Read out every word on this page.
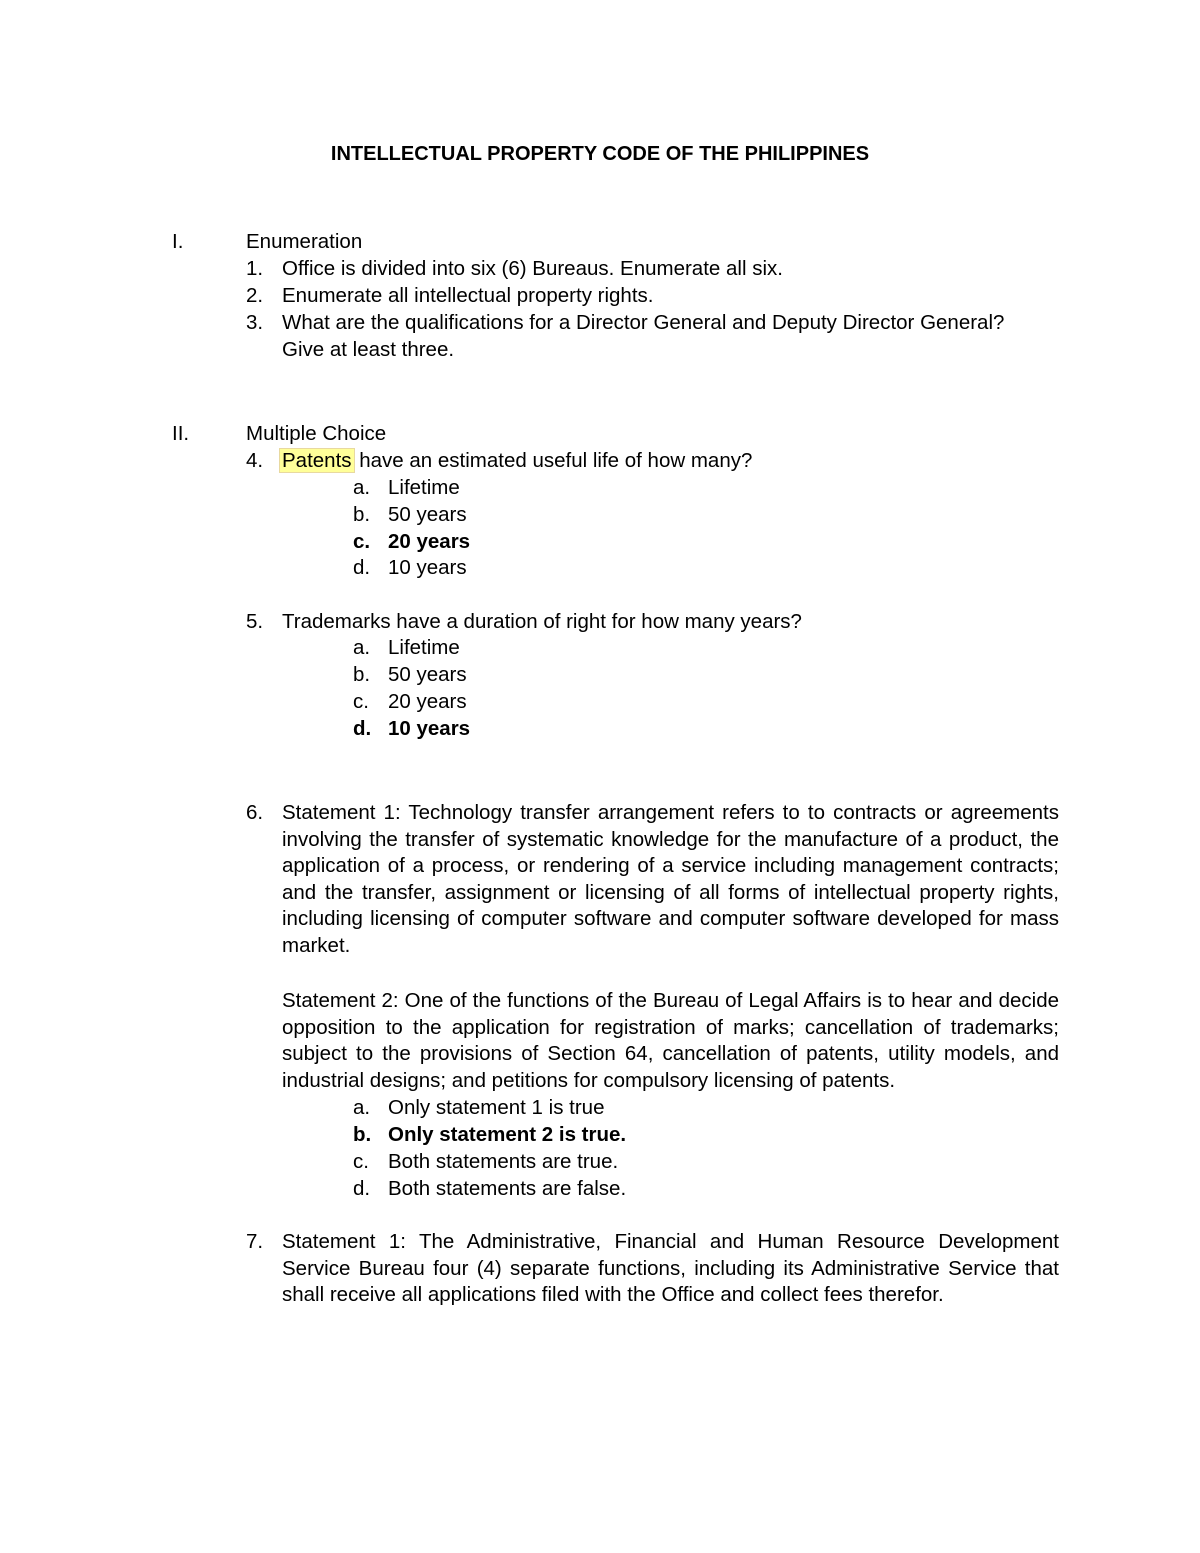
INTELLECTUAL PROPERTY CODE OF THE PHILIPPINES
I.	Enumeration
1. Office is divided into six (6) Bureaus. Enumerate all six.
2. Enumerate all intellectual property rights.
3. What are the qualifications for a Director General and Deputy Director General?
Give at least three.
II.	Multiple Choice
4. Patents have an estimated useful life of how many?
a. Lifetime
b. 50 years
c. 20 years
d. 10 years
5. Trademarks have a duration of right for how many years?
a. Lifetime
b. 50 years
c. 20 years
d. 10 years
6. Statement 1: Technology transfer arrangement refers to to contracts or agreements involving the transfer of systematic knowledge for the manufacture of a product, the application of a process, or rendering of a service including management contracts; and the transfer, assignment or licensing of all forms of intellectual property rights, including licensing of computer software and computer software developed for mass market.
Statement 2: One of the functions of the Bureau of Legal Affairs is to hear and decide opposition to the application for registration of marks; cancellation of trademarks; subject to the provisions of Section 64, cancellation of patents, utility models, and industrial designs; and petitions for compulsory licensing of patents.
a. Only statement 1 is true
b. Only statement 2 is true.
c. Both statements are true.
d. Both statements are false.
7. Statement 1: The Administrative, Financial and Human Resource Development Service Bureau four (4) separate functions, including its Administrative Service that shall receive all applications filed with the Office and collect fees therefor.
